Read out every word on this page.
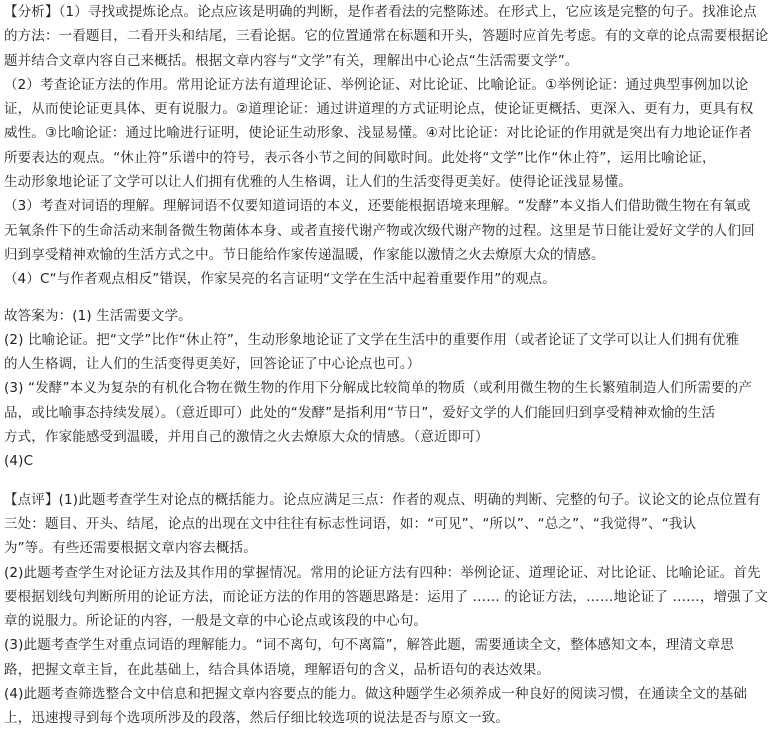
【分析】（1）寻找或提炼论点。论点应该是明确的判断，是作者看法的完整陈述。在形式上，它应该是完整的句子。找准论点
的方法：一看题目，二看开头和结尾，三看论据。它的位置通常在标题和开头，答题时应首先考虑。有的文章的论点需要根据论
题并结合文章内容自己来概括。根据文章内容与“文学”有关，理解出中心论点“生活需要文学”。
（2）考查论证方法的作用。常用论证方法有道理论证、举例论证、对比论证、比喻论证。①举例论证：通过典型事例加以论
证，从而使论证更具体、更有说服力。②道理论证：通过讲道理的方式证明论点，使论证更概括、更深入、更有力，更具有权
威性。③比喻论证：通过比喻进行证明，使论证生动形象、浅显易懂。④对比论证：对比论证的作用就是突出有力地论证作者
所要表达的观点。“休止符”乐谱中的符号，表示各小节之间的间歇时间。此处将“文学”比作“休止符”，运用比喻论证，
生动形象地论证了文学可以让人们拥有优雅的人生格调，让人们的生活变得更美好。使得论证浅显易懂。
（3）考查对词语的理解。理解词语不仅要知道词语的本义，还要能根据语境来理解。“发酵”本义指人们借助微生物在有氧或
无氧条件下的生命活动来制备微生物菌体本身、或者直接代谢产物或次级代谢产物的过程。这里是节日能让爱好文学的人们回
归到享受精神欢愉的生活方式之中。节日能给作家传递温暖，作家能以激情之火去燎原大众的情感。
（4）C“与作者观点相反”错误，作家吴亮的名言证明“文学在生活中起着重要作用”的观点。
故答案为：(1) 生活需要文学。
(2) 比喻论证。把“文学”比作“休止符”，生动形象地论证了文学在生活中的重要作用（或者论证了文学可以让人们拥有优雅
的人生格调，让人们的生活变得更美好，回答论证了中心论点也可。）
(3) “发酵”本义为复杂的有机化合物在微生物的作用下分解成比较简单的物质（或利用微生物的生长繁殖制造人们所需要的产
品，或比喻事态持续发展）。（意近即可）此处的“发酵”是指利用“节日”，爱好文学的人们能回归到享受精神欢愉的生活
方式，作家能感受到温暖，并用自己的激情之火去燎原大众的情感。（意近即可）
(4)C
【点评】(1)此题考查学生对论点的概括能力。论点应满足三点：作者的观点、明确的判断、完整的句子。议论文的论点位置有
三处：题目、开头、结尾，论点的出现在文中往往有标志性词语，如：“可见”、“所以”、“总之”、“我觉得”、“我认
为”等。有些还需要根据文章内容去概括。
(2)此题考查学生对论证方法及其作用的掌握情况。常用的论证方法有四种：举例论证、道理论证、对比论证、比喻论证。首先
要根据划线句判断所用的论证方法，而论证方法的作用的答题思路是：运用了 …… 的论证方法，……地论证了 ……，增强了文
章的说服力。所论证的内容，一般是文章的中心论点或该段的中心句。
(3)此题考查学生对重点词语的理解能力。“词不离句，句不离篇”，解答此题，需要通读全文，整体感知文本，理清文章思
路，把握文章主旨，在此基础上，结合具体语境，理解语句的含义，品析语句的表达效果。
(4)此题考查筛选整合文中信息和把握文章内容要点的能力。做这种题学生必须养成一种良好的阅读习惯，在通读全文的基础
上，迅速搜寻到每个选项所涉及的段落，然后仔细比较选项的说法是否与原文一致。
